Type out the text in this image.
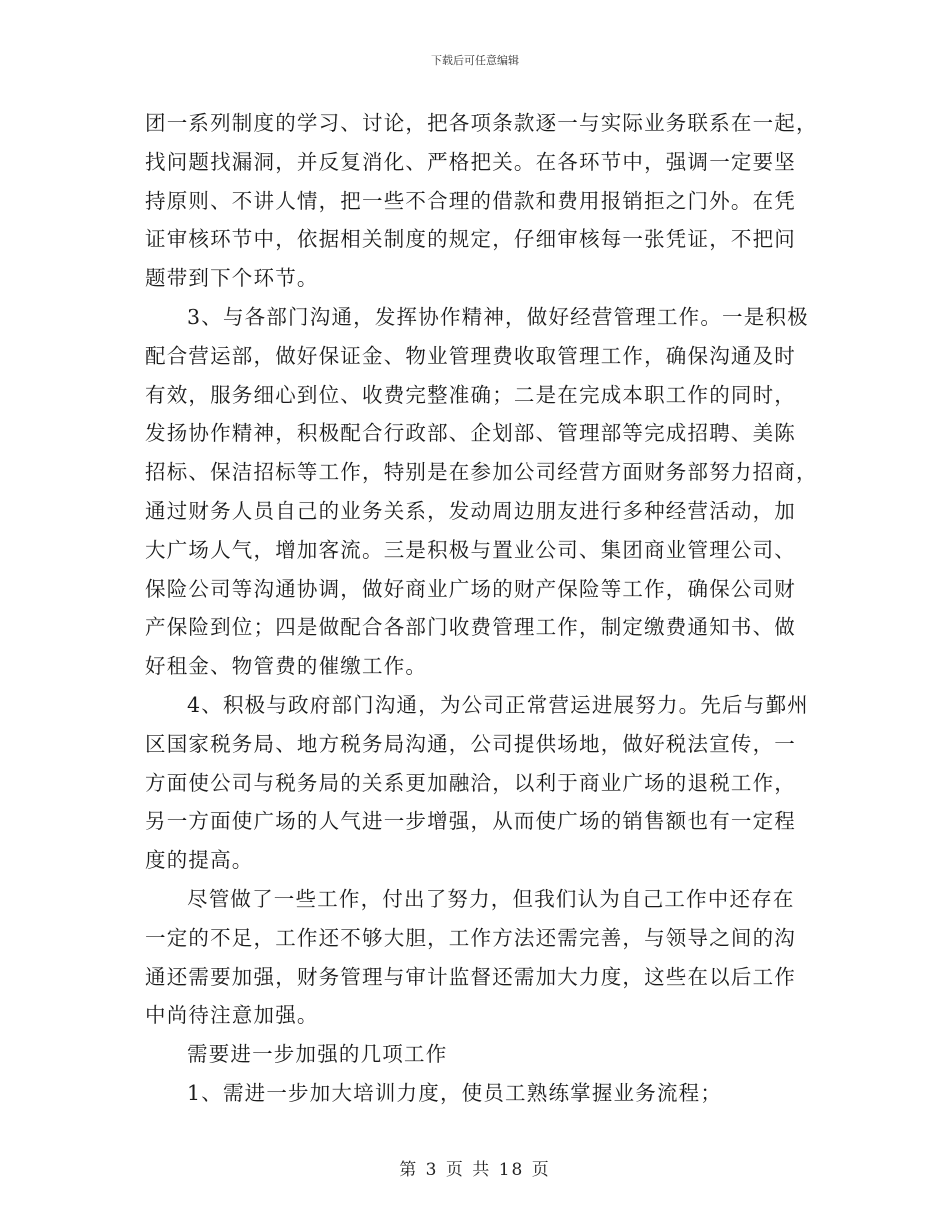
下载后可任意编辑

团一系列制度的学习、讨论，把各项条款逐一与实际业务联系在一起，
找问题找漏洞，并反复消化、严格把关。在各环节中，强调一定要坚
持原则、不讲人情，把一些不合理的借款和费用报销拒之门外。在凭
证审核环节中，依据相关制度的规定，仔细审核每一张凭证，不把问
题带到下个环节。

3、与各部门沟通，发挥协作精神，做好经营管理工作。一是积极
配合营运部，做好保证金、物业管理费收取管理工作，确保沟通及时
有效，服务细心到位、收费完整准确；二是在完成本职工作的同时，
发扬协作精神，积极配合行政部、企划部、管理部等完成招聘、美陈
招标、保洁招标等工作，特别是在参加公司经营方面财务部努力招商，
通过财务人员自己的业务关系，发动周边朋友进行多种经营活动，加
大广场人气，增加客流。三是积极与置业公司、集团商业管理公司、
保险公司等沟通协调，做好商业广场的财产保险等工作，确保公司财
产保险到位；四是做配合各部门收费管理工作，制定缴费通知书、做
好租金、物管费的催缴工作。

4、积极与政府部门沟通，为公司正常营运进展努力。先后与鄞州
区国家税务局、地方税务局沟通，公司提供场地，做好税法宣传，一
方面使公司与税务局的关系更加融洽，以利于商业广场的退税工作，
另一方面使广场的人气进一步增强，从而使广场的销售额也有一定程
度的提高。

尽管做了一些工作，付出了努力，但我们认为自己工作中还存在
一定的不足，工作还不够大胆，工作方法还需完善，与领导之间的沟
通还需要加强，财务管理与审计监督还需加大力度，这些在以后工作
中尚待注意加强。

需要进一步加强的几项工作

1、需进一步加大培训力度，使员工熟练掌握业务流程；

第 3 页 共 18 页
